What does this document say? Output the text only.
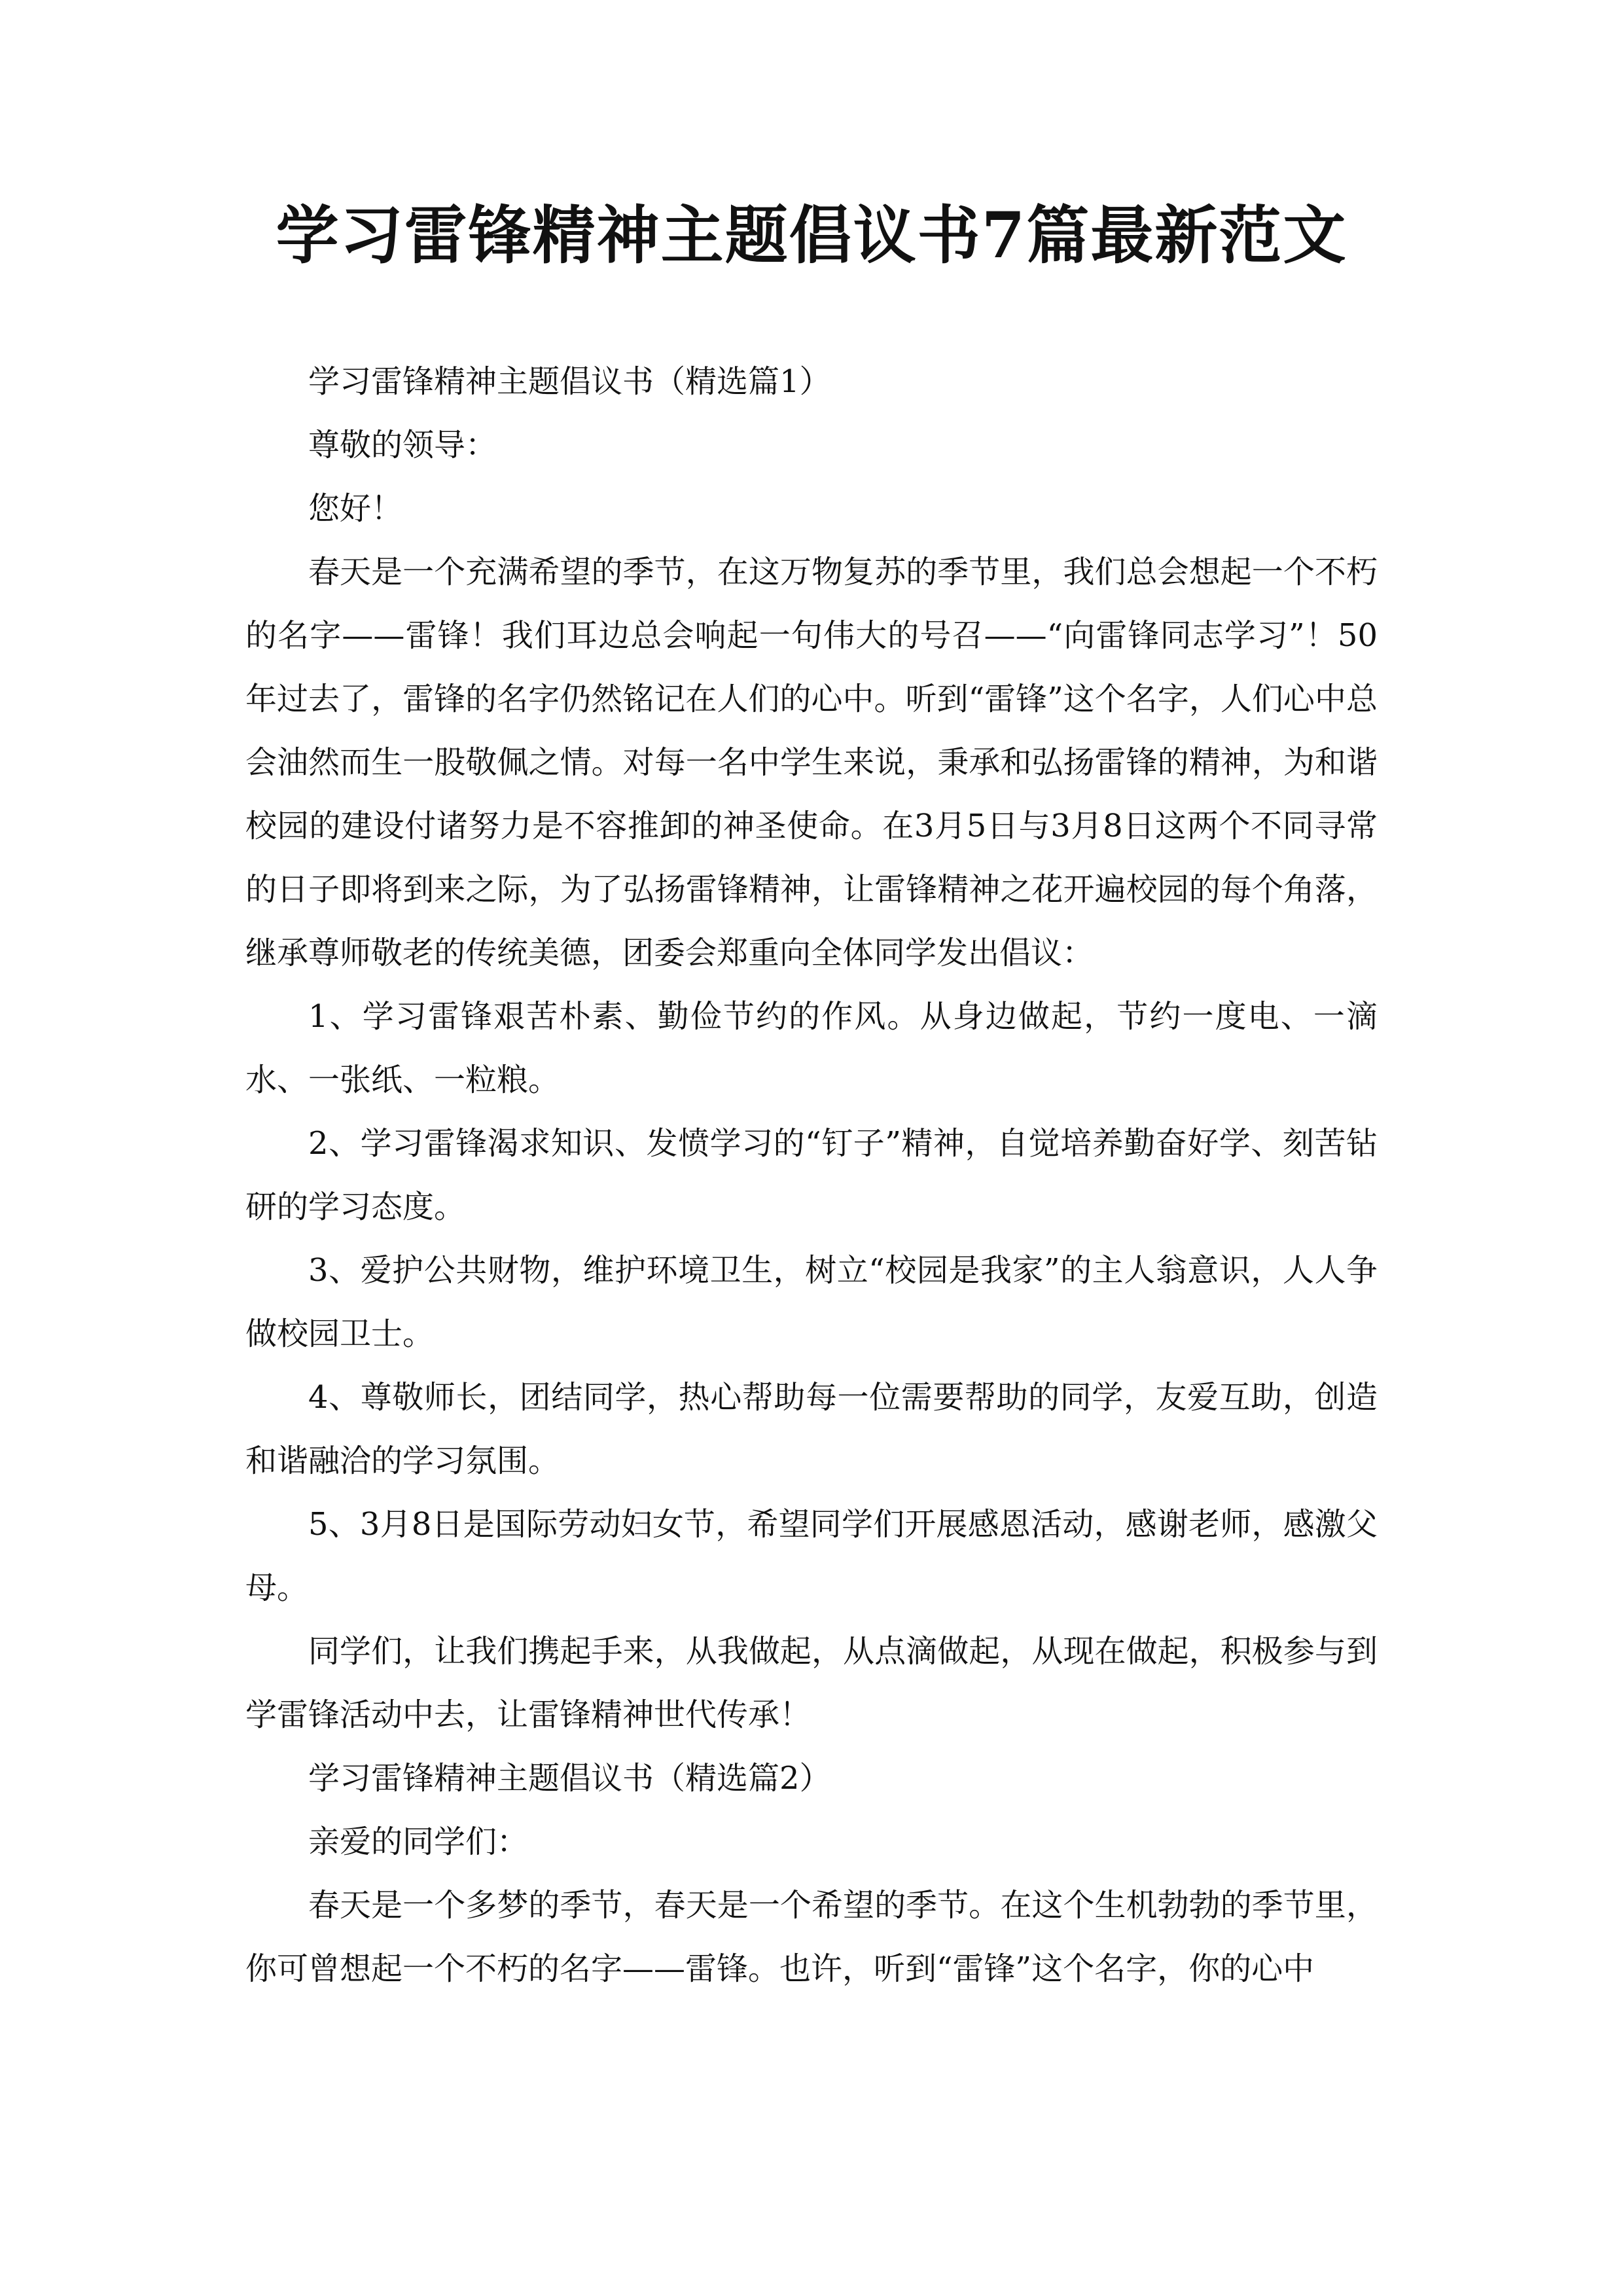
学习雷锋精神主题倡议书7篇最新范文

学习雷锋精神主题倡议书（精选篇1）

尊敬的领导：

您好！

春天是一个充满希望的季节，在这万物复苏的季节里，我们总会想起一个不朽的名字——雷锋！我们耳边总会响起一句伟大的号召——“向雷锋同志学习”！50年过去了，雷锋的名字仍然铭记在人们的心中。听到“雷锋”这个名字，人们心中总会油然而生一股敬佩之情。对每一名中学生来说，秉承和弘扬雷锋的精神，为和谐校园的建设付诸努力是不容推卸的神圣使命。在3月5日与3月8日这两个不同寻常的日子即将到来之际，为了弘扬雷锋精神，让雷锋精神之花开遍校园的每个角落，继承尊师敬老的传统美德，团委会郑重向全体同学发出倡议：

1、学习雷锋艰苦朴素、勤俭节约的作风。从身边做起，节约一度电、一滴水、一张纸、一粒粮。

2、学习雷锋渴求知识、发愤学习的“钉子”精神，自觉培养勤奋好学、刻苦钻研的学习态度。

3、爱护公共财物，维护环境卫生，树立“校园是我家”的主人翁意识，人人争做校园卫士。

4、尊敬师长，团结同学，热心帮助每一位需要帮助的同学，友爱互助，创造和谐融洽的学习氛围。

5、3月8日是国际劳动妇女节，希望同学们开展感恩活动，感谢老师，感激父母。

同学们，让我们携起手来，从我做起，从点滴做起，从现在做起，积极参与到学雷锋活动中去，让雷锋精神世代传承！

学习雷锋精神主题倡议书（精选篇2）

亲爱的同学们：

春天是一个多梦的季节，春天是一个希望的季节。在这个生机勃勃的季节里，你可曾想起一个不朽的名字——雷锋。也许，听到“雷锋”这个名字，你的心中
